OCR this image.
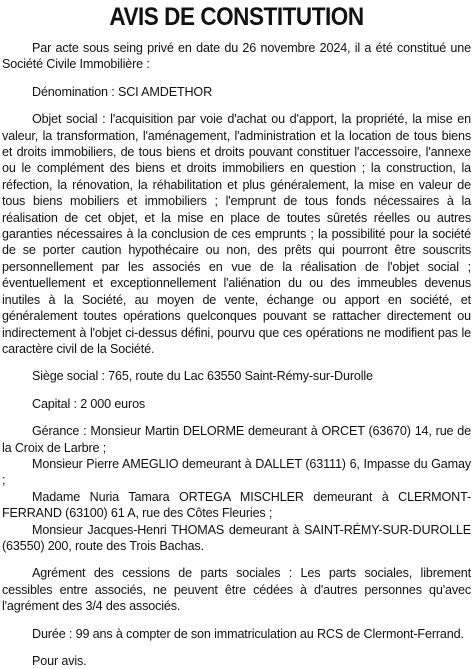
AVIS DE CONSTITUTION

Par acte sous seing privé en date du 26 novembre 2024, il a été constitué une Société Civile Immobilière :

Dénomination : SCI AMDETHOR

Objet social : l'acquisition par voie d'achat ou d'apport, la propriété, la mise en valeur, la transformation, l'aménagement, l'administration et la location de tous biens et droits immobiliers, de tous biens et droits pouvant constituer l'accessoire, l'annexe ou le complément des biens et droits immobiliers en question ; la construction, la réfection, la rénovation, la réhabilitation et plus généralement, la mise en valeur de tous biens mobiliers et immobiliers ; l'emprunt de tous fonds nécessaires à la réalisation de cet objet, et la mise en place de toutes sûretés réelles ou autres garanties nécessaires à la conclusion de ces emprunts ; la possibilité pour la société de se porter caution hypothécaire ou non, des prêts qui pourront être souscrits personnellement par les associés en vue de la réalisation de l'objet social ; éventuellement et exceptionnellement l'aliénation du ou des immeubles devenus inutiles à la Société, au moyen de vente, échange ou apport en société, et généralement toutes opérations quelconques pouvant se rattacher directement ou indirectement à l'objet ci-dessus défini, pourvu que ces opérations ne modifient pas le caractère civil de la Société.

Siège social : 765, route du Lac 63550 Saint-Rémy-sur-Durolle

Capital : 2 000 euros

Gérance : Monsieur Martin DELORME demeurant à ORCET (63670) 14, rue de la Croix de Larbre ;

Monsieur Pierre AMEGLIO demeurant à DALLET (63111) 6, Impasse du Gamay ;

Madame Nuria Tamara ORTEGA MISCHLER demeurant à CLERMONT-FERRAND (63100) 61 A, rue des Côtes Fleuries ;

Monsieur Jacques-Henri THOMAS demeurant à SAINT-RÉMY-SUR-DUROLLE (63550) 200, route des Trois Bachas.

Agrément des cessions de parts sociales : Les parts sociales, librement cessibles entre associés, ne peuvent être cédées à d'autres personnes qu'avec l'agrément des 3/4 des associés.

Durée : 99 ans à compter de son immatriculation au RCS de Clermont-Ferrand.

Pour avis.
